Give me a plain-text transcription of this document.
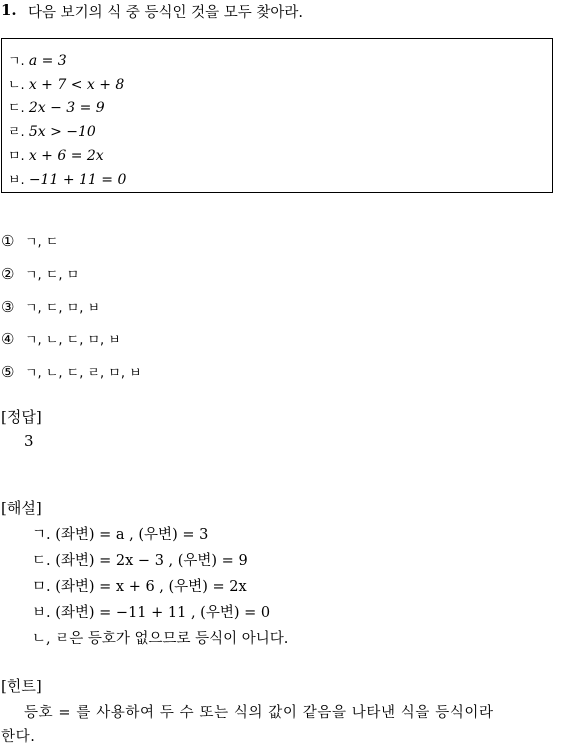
1. 다음 보기의 식 중 등식인 것을 모두 찾아라.
ㄱ. a = 3
ㄴ. x + 7 < x + 8
ㄷ. 2x − 3 = 9
ㄹ. 5x > −10
ㅁ. x + 6 = 2x
ㅂ. −11 + 11 = 0
① ㄱ, ㄷ
② ㄱ, ㄷ, ㅁ
③ ㄱ, ㄷ, ㅁ, ㅂ
④ ㄱ, ㄴ, ㄷ, ㅁ, ㅂ
⑤ ㄱ, ㄴ, ㄷ, ㄹ, ㅁ, ㅂ
[정답]
3
[해설]
ㄱ. (좌변) = a , (우변) = 3
ㄷ. (좌변) = 2x − 3 , (우변) = 9
ㅁ. (좌변) = x + 6 , (우변) = 2x
ㅂ. (좌변) = −11 + 11 , (우변) = 0
ㄴ, ㄹ은 등호가 없으므로 등식이 아니다.
[힌트]
등호 = 를 사용하여 두 수 또는 식의 값이 같음을 나타낸 식을 등식이라
한다.
